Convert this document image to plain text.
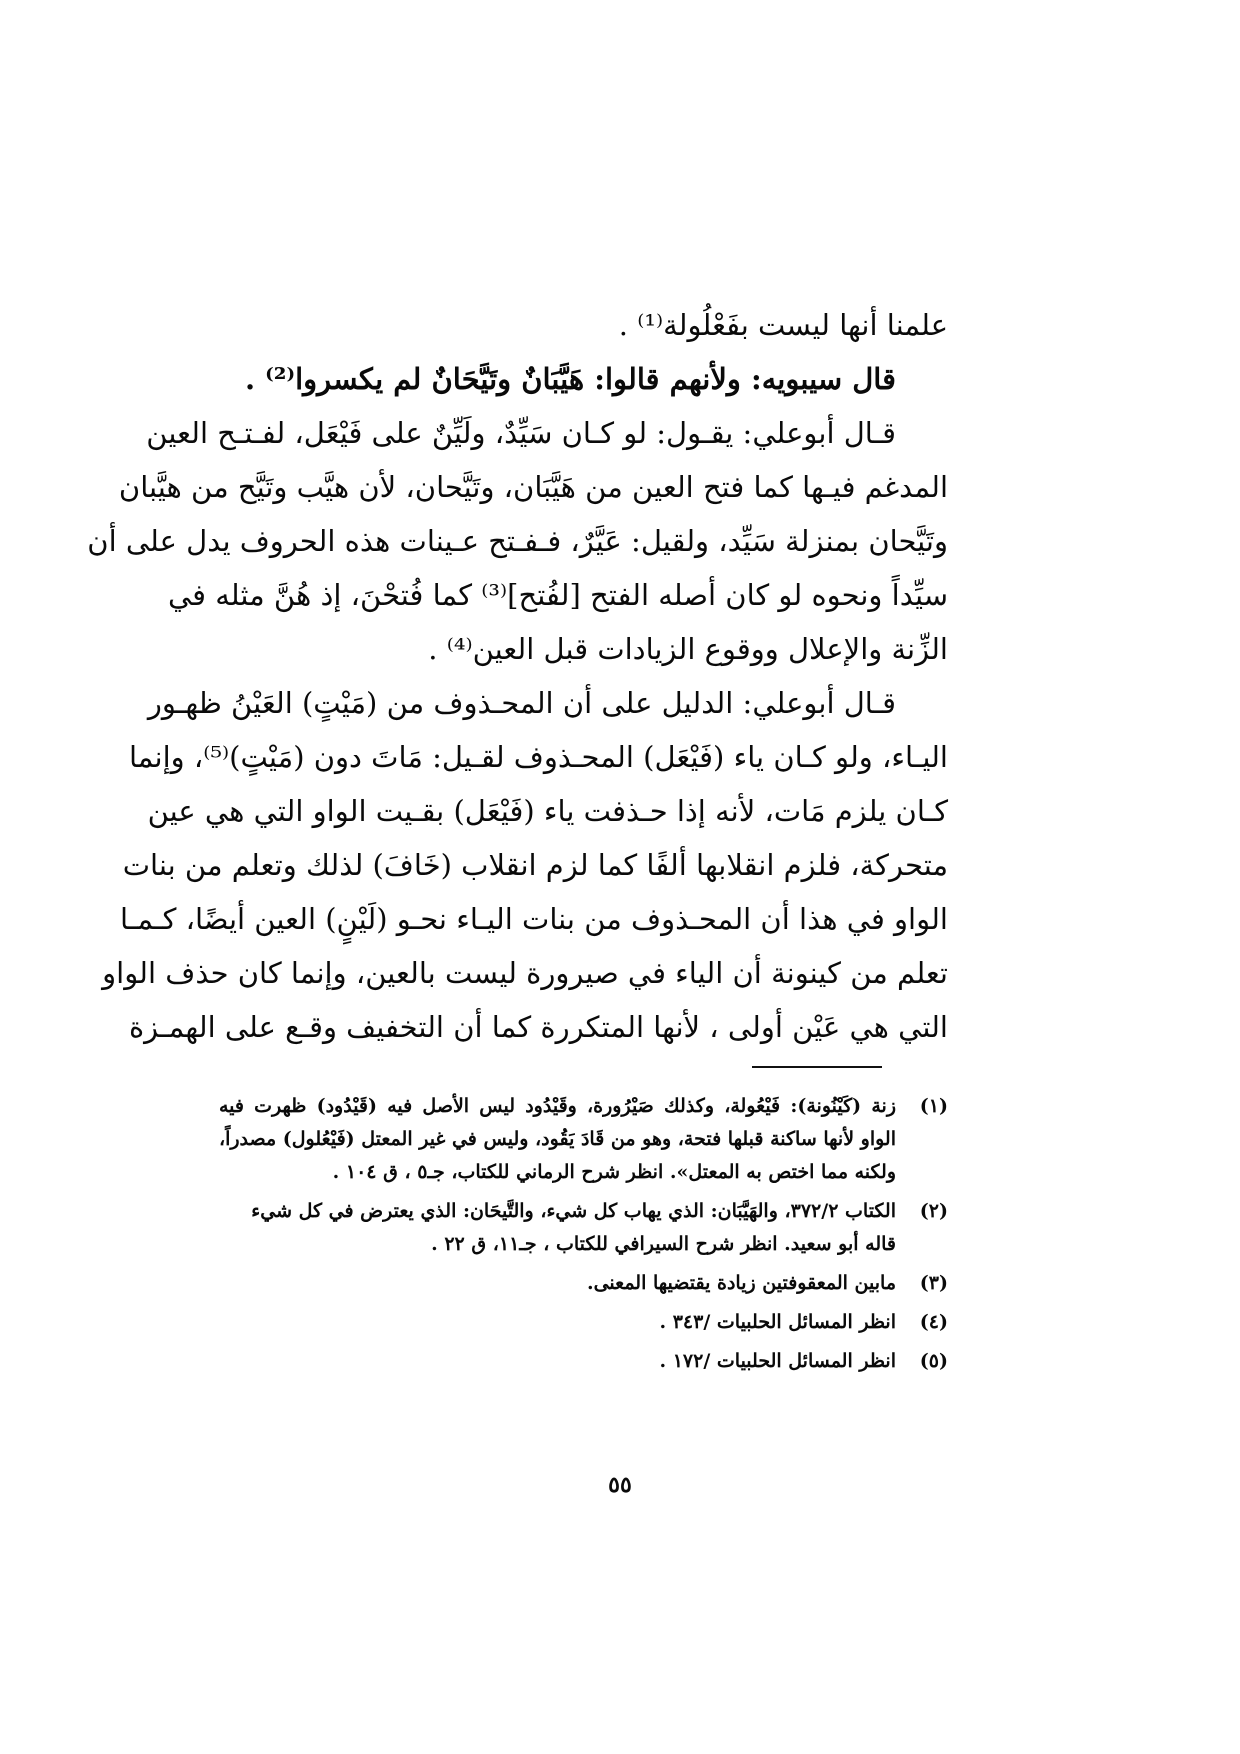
علمنا أنها ليست بفَعْلُولة⁽¹⁾ .
قال سيبويه: ولأنهم قالوا: هَيَّبَانٌ وتَيَّحَانٌ لم يكسروا⁽²⁾ .
قـال أبوعلي: يقـول: لو كـان سَيِّدٌ، ولَيِّنٌ على فَيْعَل، لفـتـح العين
المدغم فيـها كما فتح العين من هَيَّبَان، وتَيَّحان، لأن هيَّب وتَيَّح من هيَّبان
وتَيَّحان بمنزلة سَيِّد، ولقيل: عَيَّرٌ، فـفـتح عـينات هذه الحروف يدل على أن
سيِّداً ونحوه لو كان أصله الفتح [لفُتح]⁽³⁾ كما فُتحْنَ، إذ هُنَّ مثله في
الزِّنة والإعلال ووقوع الزيادات قبل العين⁽⁴⁾ .
قـال أبوعلي: الدليل على أن المحـذوف من (مَيْتٍ) العَيْنُ ظهـور
اليـاء، ولو كـان ياء (فَيْعَل) المحـذوف لقـيل: مَاتَ دون (مَيْتٍ)⁽⁵⁾، وإنما
كـان يلزم مَات، لأنه إذا حـذفت ياء (فَيْعَل) بقـيت الواو التي هي عين
متحركة، فلزم انقلابها ألفًا كما لزم انقلاب (خَافَ) لذلك وتعلم من بنات
الواو في هذا أن المحـذوف من بنات اليـاء نحـو (لَيْنٍ) العين أيضًا، كـمـا
تعلم من كينونة أن الياء في صيرورة ليست بالعين، وإنما كان حذف الواو
التي هي عَيْن أولى ، لأنها المتكررة كما أن التخفيف وقـع على الهمـزة
(١)
زنة (كَيْنُونة): فَيْعُولة، وكذلك صَيْرُورة، وقَيْدُود ليس الأصل فيه (قَيْدُود) ظهرت فيه
الواو لأنها ساكنة قبلها فتحة، وهو من قَادَ يَقُود، وليس في غير المعتل (فَيْعُلول) مصدراً،
ولكنه مما اختص به المعتل». انظر شرح الرماني للكتاب، جـ٥ ، ق ١٠٤ .
(٢)
الكتاب ٣٧٢/٢، والهَيَّبَان: الذي يهاب كل شيء، والتَّيحَان: الذي يعترض في كل شيء
قاله أبو سعيد. انظر شرح السيرافي للكتاب ، جـ١١، ق ٢٢ .
(٣)
مابين المعقوفتين زيادة يقتضيها المعنى.
(٤)
انظر المسائل الحلبيات /٣٤٣ .
(٥)
انظر المسائل الحلبيات /١٧٢ .
٥٥
